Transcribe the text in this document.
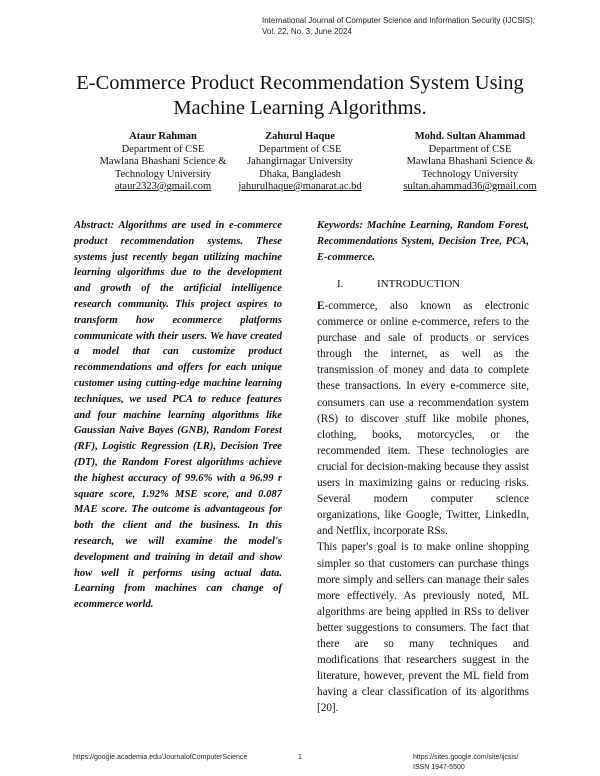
International Journal of Computer Science and Information Security (IJCSIS),
Vol. 22, No. 3, June 2024
E-Commerce Product Recommendation System Using
Machine Learning Algorithms.
Ataur Rahman
Department of CSE
Mawlana Bhashani Science &
Technology University
ataur2323@gmail.com
Zahurul Haque
Department of CSE
Jahangirnagar University
Dhaka, Bangladesh
jahurulhaque@manarat.ac.bd
Mohd. Sultan Ahammad
Department of CSE
Mawlana Bhashani Science &
Technology University
sultan.ahammad36@gmail.com
Abstract: Algorithms are used in e-commerce product recommendation systems. These systems just recently began utilizing machine learning algorithms due to the development and growth of the artificial intelligence research community. This project aspires to transform how ecommerce platforms communicate with their users. We have created a model that can customize product recommendations and offers for each unique customer using cutting-edge machine learning techniques, we used PCA to reduce features and four machine learning algorithms like Gaussian Naive Bayes (GNB), Random Forest (RF), Logistic Regression (LR), Decision Tree (DT), the Random Forest algorithms achieve the highest accuracy of 99.6% with a 96.99 r square score, 1.92% MSE score, and 0.087 MAE score. The outcome is advantageous for both the client and the business. In this research, we will examine the model's development and training in detail and show how well it performs using actual data. Learning from machines can change of ecommerce world.
Keywords: Machine Learning, Random Forest, Recommendations System, Decision Tree, PCA, E-commerce.
I.	INTRODUCTION

E-commerce, also known as electronic commerce or online e-commerce, refers to the purchase and sale of products or services through the internet, as well as the transmission of money and data to complete these transactions. In every e-commerce site, consumers can use a recommendation system (RS) to discover stuff like mobile phones, clothing, books, motorcycles, or the recommended item. These technologies are crucial for decision-making because they assist users in maximizing gains or reducing risks. Several modern computer science organizations, like Google, Twitter, LinkedIn, and Netflix, incorporate RSs.

This paper's goal is to make online shopping simpler so that customers can purchase things more simply and sellers can manage their sales more effectively. As previously noted, ML algorithms are being applied in RSs to deliver better suggestions to consumers. The fact that there are so many techniques and modifications that researchers suggest in the literature, however, prevent the ML field from having a clear classification of its algorithms [20].

https://google.academia.edu/JournalofComputerScience	1	https://sites.google.com/site/ijcsis/
ISSN 1947-5500
